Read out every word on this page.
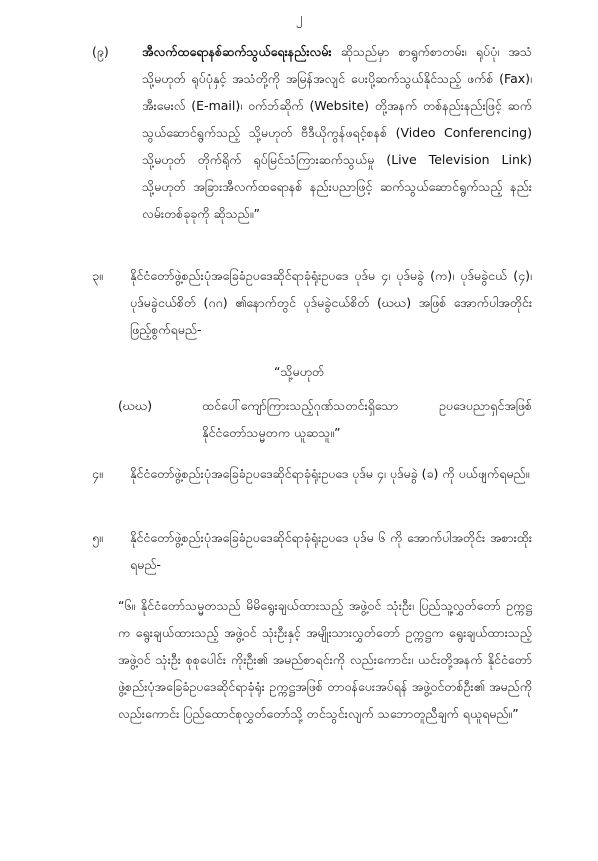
၂
(၉)	အီလက်ထရောနစ်ဆက်သွယ်ရေးနည်းလမ်း ဆိုသည်မှာ စာရွက်စာတမ်း၊ ရုပ်ပုံ၊ အသံ သို့မဟုတ် ရုပ်ပုံနှင့် အသံတို့ကို အမြန်အလျင် ပေးပို့ဆက်သွယ်နိုင်သည့် ဖက်စ် (Fax)၊ အီးမေးလ် (E-mail)၊ ဝက်ဘ်ဆိုက် (Website) တို့အနက် တစ်နည်းနည်းဖြင့် ဆက်သွယ်ဆောင်ရွက်သည့် သို့မဟုတ် ဗီဒီယိုကွန်ဖရင့်စနစ် (Video Conferencing) သို့မဟုတ် တိုက်ရိုက် ရုပ်မြင်သံကြားဆက်သွယ်မှု (Live Television Link) သို့မဟုတ် အခြားအီလက်ထရောနစ် နည်းပညာဖြင့် ဆက်သွယ်ဆောင်ရွက်သည့် နည်းလမ်းတစ်ခုခုကို ဆိုသည်။”
၃။	နိုင်ငံတော်ဖွဲ့စည်းပုံအခြေခံဥပဒေဆိုင်ရာခုံရုံးဥပဒေ ပုဒ်မ ၄၊ ပုဒ်မခွဲ (က)၊ ပုဒ်မခွဲငယ် (၄)၊ ပုဒ်မခွဲငယ်စိတ် (ဂဂ) ၏နောက်တွင် ပုဒ်မခွဲငယ်စိတ် (ဃဃ) အဖြစ် အောက်ပါအတိုင်း ဖြည့်စွက်ရမည်-
“သို့မဟုတ်
(ဃဃ)	ထင်ပေါ်ကျော်ကြားသည့်ဂုဏ်သတင်းရှိသော ဥပဒေပညာရှင်အဖြစ် နိုင်ငံတော်သမ္မတက ယူဆသူ။”
၄။	နိုင်ငံတော်ဖွဲ့စည်းပုံအခြေခံဥပဒေဆိုင်ရာခုံရုံးဥပဒေ ပုဒ်မ ၄၊ ပုဒ်မခွဲ (ခ) ကို ပယ်ဖျက်ရမည်။
၅။	နိုင်ငံတော်ဖွဲ့စည်းပုံအခြေခံဥပဒေဆိုင်ရာခုံရုံးဥပဒေ ပုဒ်မ ၆ ကို အောက်ပါအတိုင်း အစားထိုးရမည်-
“၆။ နိုင်ငံတော်သမ္မတသည် မိမိရွေးချယ်ထားသည့် အဖွဲ့ဝင် သုံးဦး၊ ပြည်သူ့လွှတ်တော် ဥက္ကဋ္ဌက ရွေးချယ်ထားသည့် အဖွဲ့ဝင် သုံးဦးနှင့် အမျိုးသားလွှတ်တော် ဥက္ကဋ္ဌက ရွေးချယ်ထားသည့် အဖွဲ့ဝင် သုံးဦး စုစုပေါင်း ကိုးဦး၏ အမည်စာရင်းကို လည်းကောင်း၊ ယင်းတို့အနက် နိုင်ငံတော်ဖွဲ့စည်းပုံအခြေခံဥပဒေဆိုင်ရာခုံရုံး ဥက္ကဋ္ဌအဖြစ် တာဝန်ပေးအပ်ရန် အဖွဲ့ဝင်တစ်ဦး၏ အမည်ကိုလည်းကောင်း ပြည်ထောင်စုလွှတ်တော်သို့ တင်သွင်းလျက် သဘောတူညီချက် ရယူရမည်။”
